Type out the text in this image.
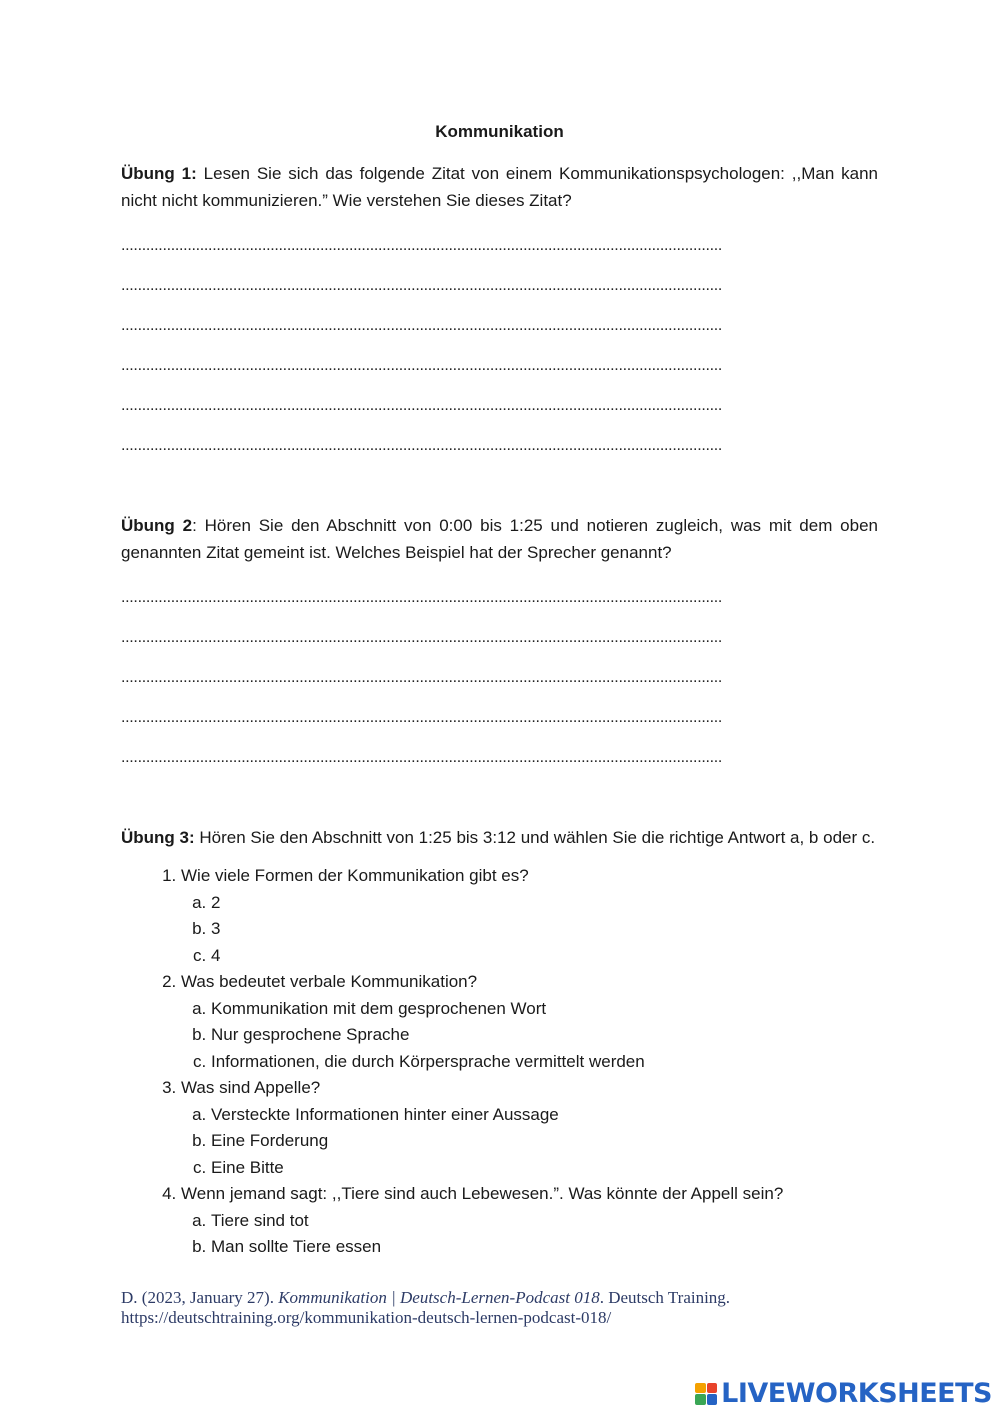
Kommunikation

Übung 1: Lesen Sie sich das folgende Zitat von einem Kommunikationspsychologen: ,,Man kann nicht nicht kommunizieren.” Wie verstehen Sie dieses Zitat?

.................................................................................................................................................
.................................................................................................................................................
.................................................................................................................................................
.................................................................................................................................................
.................................................................................................................................................
.................................................................................................................................................

Übung 2: Hören Sie den Abschnitt von 0:00 bis 1:25 und notieren zugleich, was mit dem oben genannten Zitat gemeint ist. Welches Beispiel hat der Sprecher genannt?

.................................................................................................................................................
.................................................................................................................................................
.................................................................................................................................................
.................................................................................................................................................
.................................................................................................................................................

Übung 3: Hören Sie den Abschnitt von 1:25 bis 3:12 und wählen Sie die richtige Antwort a, b oder c.

1. Wie viele Formen der Kommunikation gibt es?
a. 2
b. 3
c. 4
2. Was bedeutet verbale Kommunikation?
a. Kommunikation mit dem gesprochenen Wort
b. Nur gesprochene Sprache
c. Informationen, die durch Körpersprache vermittelt werden
3. Was sind Appelle?
a. Versteckte Informationen hinter einer Aussage
b. Eine Forderung
c. Eine Bitte
4. Wenn jemand sagt: ,,Tiere sind auch Lebewesen.”. Was könnte der Appell sein?
a. Tiere sind tot
b. Man sollte Tiere essen
D. (2023, January 27). Kommunikation | Deutsch-Lernen-Podcast 018. Deutsch Training.
https://deutschtraining.org/kommunikation-deutsch-lernen-podcast-018/
LIVEWORKSHEETS
